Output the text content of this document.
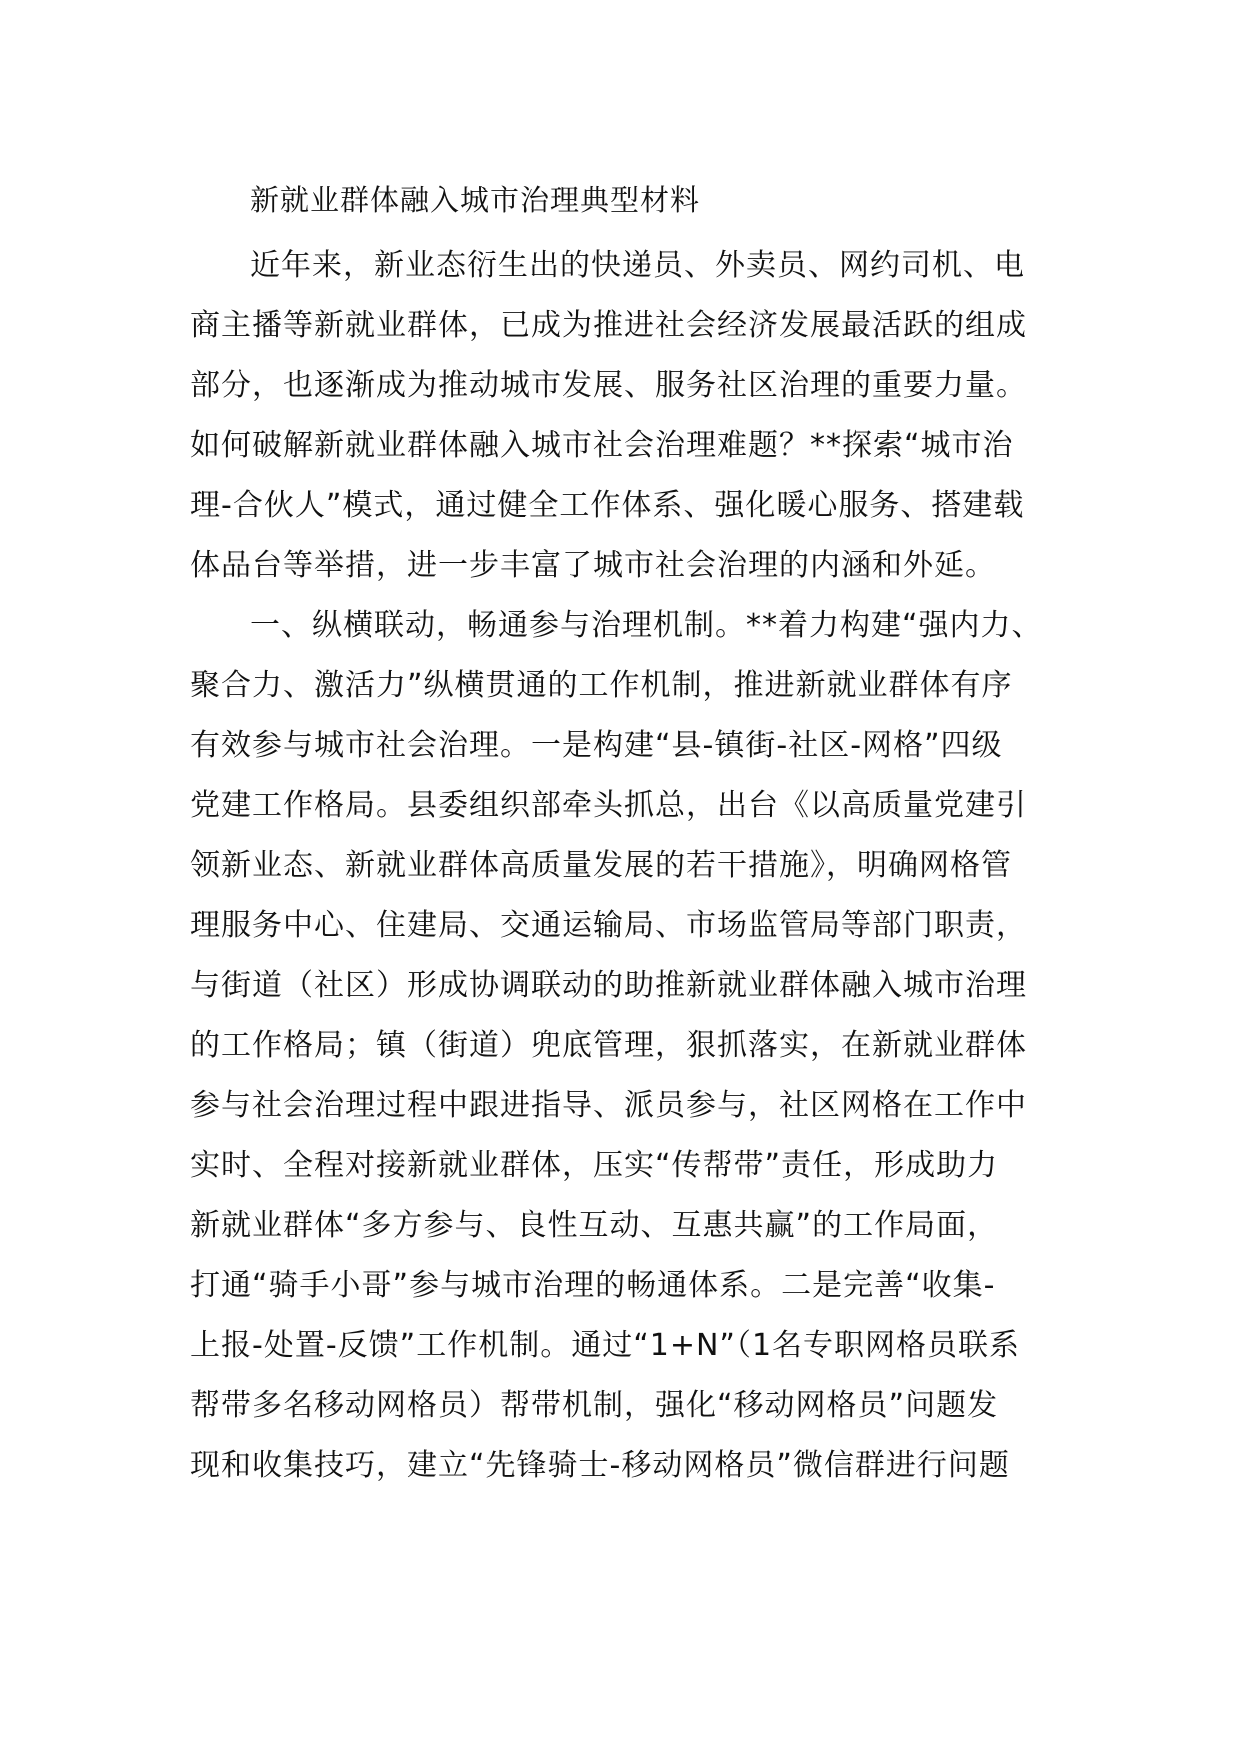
新就业群体融入城市治理典型材料
近年来，新业态衍生出的快递员、外卖员、网约司机、电
商主播等新就业群体，已成为推进社会经济发展最活跃的组成
部分，也逐渐成为推动城市发展、服务社区治理的重要力量。
如何破解新就业群体融入城市社会治理难题？**探索“城市治
理-合伙人”模式，通过健全工作体系、强化暖心服务、搭建载
体品台等举措，进一步丰富了城市社会治理的内涵和外延。
一、纵横联动，畅通参与治理机制。**着力构建“强内力、
聚合力、激活力”纵横贯通的工作机制，推进新就业群体有序
有效参与城市社会治理。一是构建“县-镇街-社区-网格”四级
党建工作格局。县委组织部牵头抓总，出台《以高质量党建引
领新业态、新就业群体高质量发展的若干措施》，明确网格管
理服务中心、住建局、交通运输局、市场监管局等部门职责，
与街道（社区）形成协调联动的助推新就业群体融入城市治理
的工作格局；镇（街道）兜底管理，狠抓落实，在新就业群体
参与社会治理过程中跟进指导、派员参与，社区网格在工作中
实时、全程对接新就业群体，压实“传帮带”责任，形成助力
新就业群体“多方参与、良性互动、互惠共赢”的工作局面，
打通“骑手小哥”参与城市治理的畅通体系。二是完善“收集-
上报-处置-反馈”工作机制。通过“1+N”（1名专职网格员联系
帮带多名移动网格员）帮带机制，强化“移动网格员”问题发
现和收集技巧，建立“先锋骑士-移动网格员”微信群进行问题
